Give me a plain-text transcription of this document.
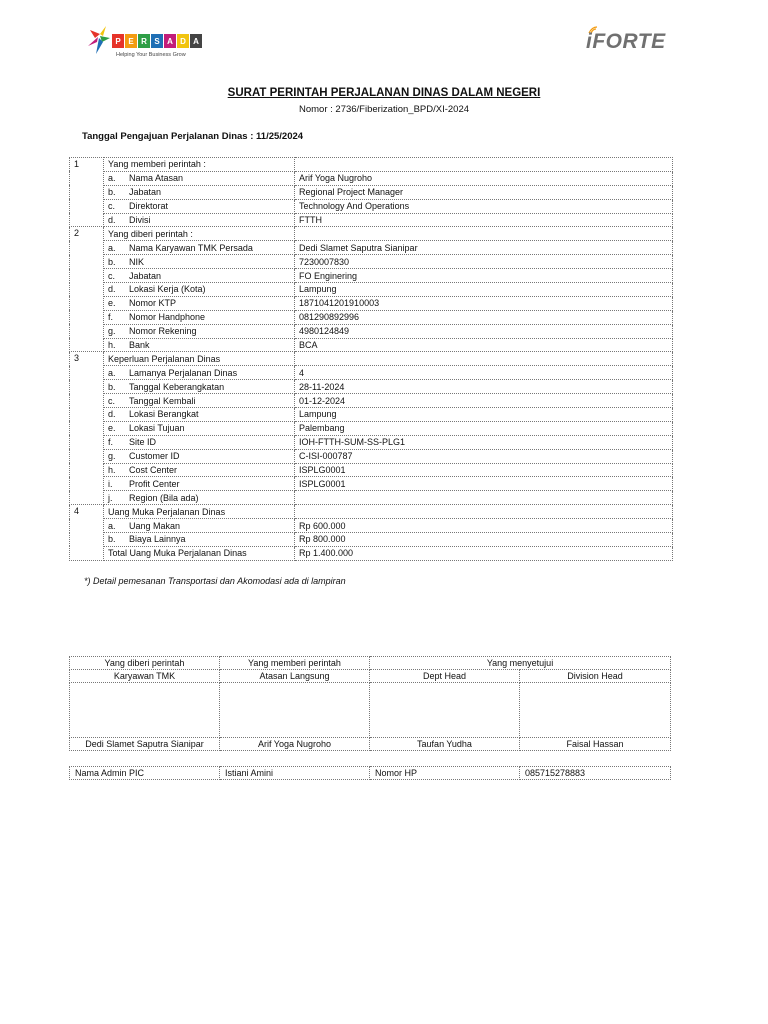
P E R S A D A
Helping Your Business Grow
iFORTE
SURAT PERINTAH PERJALANAN DINAS DALAM NEGERI
Nomor : 2736/Fiberization_BPD/XI-2024
Tanggal Pengajuan Perjalanan Dinas : 11/25/2024
1	Yang memberi perintah :	

	a. Nama Atasan	Arif Yoga Nugroho

	b. Jabatan	Regional Project Manager

	c. Direktorat	Technology And Operations

	d. Divisi	FTTH
2	Yang diberi perintah :	

	a. Nama Karyawan TMK Persada	Dedi Slamet Saputra Sianipar

	b. NIK	7230007830

	c. Jabatan	FO Enginering

	d. Lokasi Kerja (Kota)	Lampung

	e. Nomor KTP	1871041201910003

	f. Nomor Handphone	081290892996

	g. Nomor Rekening	4980124849

	h. Bank	BCA
3	Keperluan Perjalanan Dinas	

	a. Lamanya Perjalanan Dinas	4

	b. Tanggal Keberangkatan	28-11-2024

	c. Tanggal Kembali	01-12-2024

	d. Lokasi Berangkat	Lampung

	e. Lokasi Tujuan	Palembang

	f. Site ID	IOH-FTTH-SUM-SS-PLG1

	g. Customer ID	C-ISI-000787

	h. Cost Center	ISPLG0001

	i. Profit Center	ISPLG0001

	j. Region (Bila ada)	

4	Uang Muka Perjalanan Dinas	

	a. Uang Makan	Rp 600.000

	b. Biaya Lainnya	Rp 800.000
	Total Uang Muka Perjalanan Dinas	Rp 1.400.000
*) Detail pemesanan Transportasi dan Akomodasi ada di lampiran
Yang diberi perintah	Yang memberi perintah	Yang menyetujui	
Karyawan TMK	Atasan Langsung	Dept Head	Division Head

Dedi Slamet Saputra Sianipar	Arif Yoga Nugroho	Taufan Yudha	Faisal Hassan
Nama Admin PIC	Istiani Amini	Nomor HP	085715278883
